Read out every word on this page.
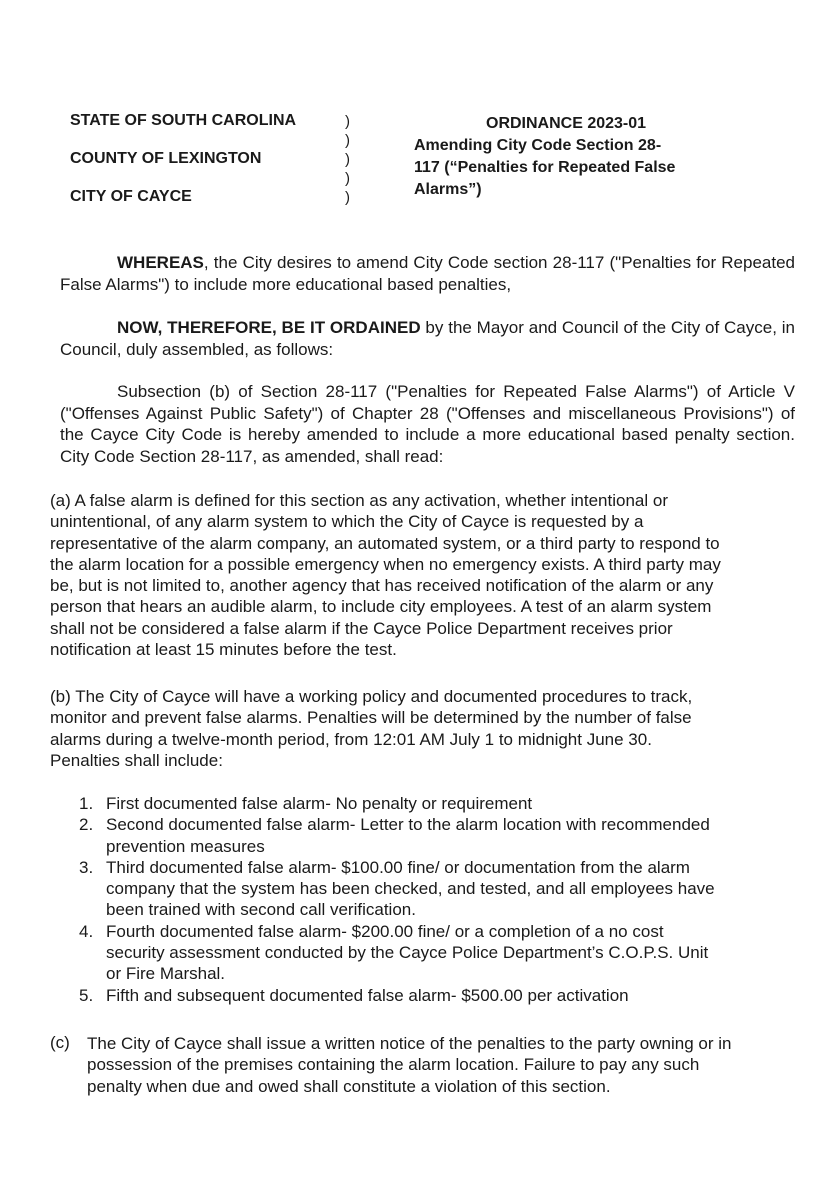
STATE OF SOUTH CAROLINA
COUNTY OF LEXINGTON
CITY OF CAYCE
)
)
)
)
)
ORDINANCE 2023-01
Amending City Code Section 28-
117 (“Penalties for Repeated False
Alarms”)

WHEREAS, the City desires to amend City Code section 28-117 ("Penalties for Repeated False Alarms") to include more educational based penalties,

NOW, THEREFORE, BE IT ORDAINED by the Mayor and Council of the City of Cayce, in Council, duly assembled, as follows:

Subsection (b) of Section 28-117 ("Penalties for Repeated False Alarms") of Article V ("Offenses Against Public Safety") of Chapter 28 ("Offenses and miscellaneous Provisions") of the Cayce City Code is hereby amended to include a more educational based penalty section. City Code Section 28-117, as amended, shall read:

(a) A false alarm is defined for this section as any activation, whether intentional or
unintentional, of any alarm system to which the City of Cayce is requested by a
representative of the alarm company, an automated system, or a third party to respond to
the alarm location for a possible emergency when no emergency exists. A third party may
be, but is not limited to, another agency that has received notification of the alarm or any
person that hears an audible alarm, to include city employees. A test of an alarm system
shall not be considered a false alarm if the Cayce Police Department receives prior
notification at least 15 minutes before the test.
(b) The City of Cayce will have a working policy and documented procedures to track,
monitor and prevent false alarms. Penalties will be determined by the number of false
alarms during a twelve-month period, from 12:01 AM July 1 to midnight June 30.
Penalties shall include:
1. First documented false alarm- No penalty or requirement
2. Second documented false alarm- Letter to the alarm location with recommended
prevention measures
3. Third documented false alarm- $100.00 fine/ or documentation from the alarm
company that the system has been checked, and tested, and all employees have
been trained with second call verification.
4. Fourth documented false alarm- $200.00 fine/ or a completion of a no cost
security assessment conducted by the Cayce Police Department’s C.O.P.S. Unit
or Fire Marshal.
5. Fifth and subsequent documented false alarm- $500.00 per activation
(c) The City of Cayce shall issue a written notice of the penalties to the party owning or in
possession of the premises containing the alarm location. Failure to pay any such
penalty when due and owed shall constitute a violation of this section.
